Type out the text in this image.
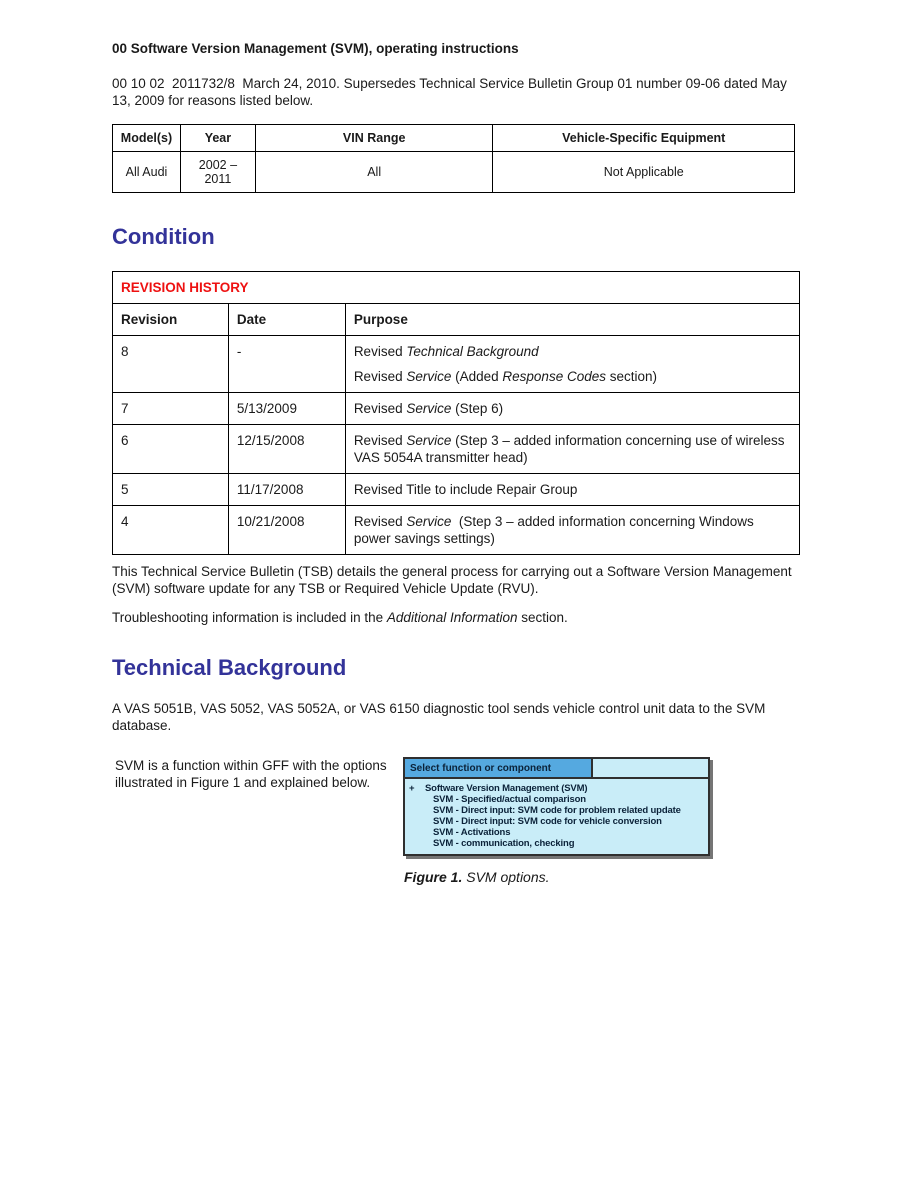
00 Software Version Management (SVM), operating instructions

00 10 02  2011732/8  March 24, 2010. Supersedes Technical Service Bulletin Group 01 number 09-06 dated May 13, 2009 for reasons listed below.

Model(s)	Year	VIN Range	Vehicle-Specific Equipment
All Audi	2002 – 2011	All	Not Applicable
Condition
REVISION HISTORY		
Revision	Date	Purpose
8	-	Revised Technical Background
Revised Service (Added Response Codes section)

7	5/13/2009	Revised Service (Step 6)

6	12/15/2008	Revised Service (Step 3 – added information concerning use of wireless VAS 5054A transmitter head)

5	11/17/2008	Revised Title to include Repair Group

4	10/21/2008	Revised Service  (Step 3 – added information concerning Windows power savings settings)

This Technical Service Bulletin (TSB) details the general process for carrying out a Software Version Management (SVM) software update for any TSB or Required Vehicle Update (RVU).

Troubleshooting information is included in the Additional Information section.

Technical Background

A VAS 5051B, VAS 5052, VAS 5052A, or VAS 6150 diagnostic tool sends vehicle control unit data to the SVM database.

SVM is a function within GFF with the options illustrated in Figure 1 and explained below.

Select function or component
+	Software Version Management (SVM)
SVM - Specified/actual comparison
SVM - Direct input: SVM code for problem related update
SVM - Direct input: SVM code for vehicle conversion
SVM - Activations
SVM - communication, checking
Figure 1. SVM options.
